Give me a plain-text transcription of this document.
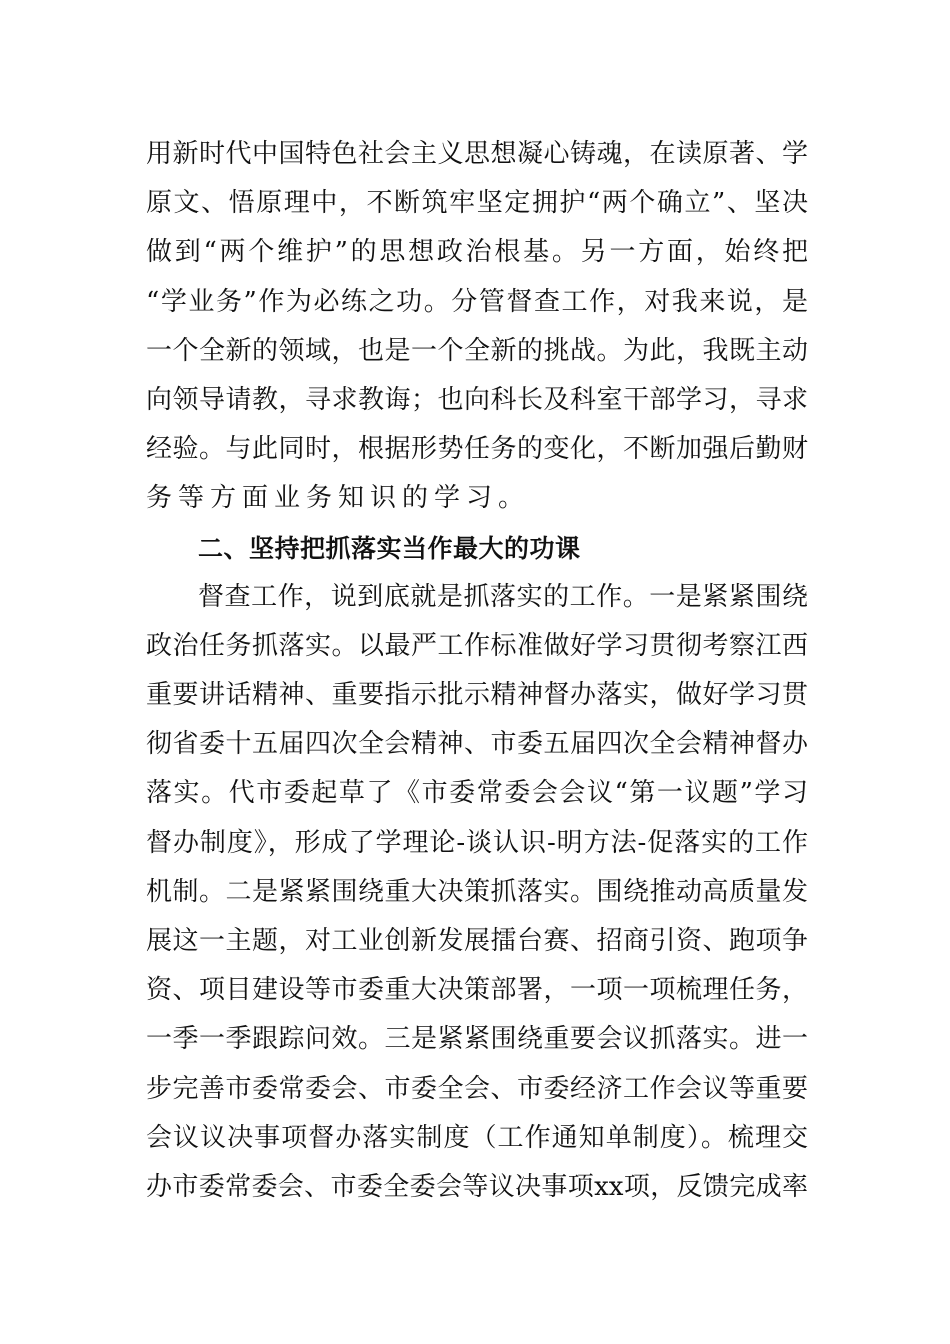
用新时代中国特色社会主义思想凝心铸魂，在读原著、学
原文、悟原理中，不断筑牢坚定拥护“两个确立”、坚决
做到“两个维护”的思想政治根基。另一方面，始终把
“学业务”作为必练之功。分管督查工作，对我来说，是
一个全新的领域，也是一个全新的挑战。为此，我既主动
向领导请教，寻求教诲；也向科长及科室干部学习，寻求
经验。与此同时，根据形势任务的变化，不断加强后勤财
务等方面业务知识的学习。
二、坚持把抓落实当作最大的功课
督查工作，说到底就是抓落实的工作。一是紧紧围绕
政治任务抓落实。以最严工作标准做好学习贯彻考察江西
重要讲话精神、重要指示批示精神督办落实，做好学习贯
彻省委十五届四次全会精神、市委五届四次全会精神督办
落实。代市委起草了《市委常委会会议“第一议题”学习
督办制度》，形成了学理论-谈认识-明方法-促落实的工作
机制。二是紧紧围绕重大决策抓落实。围绕推动高质量发
展这一主题，对工业创新发展擂台赛、招商引资、跑项争
资、项目建设等市委重大决策部署，一项一项梳理任务，
一季一季跟踪问效。三是紧紧围绕重要会议抓落实。进一
步完善市委常委会、市委全会、市委经济工作会议等重要
会议议决事项督办落实制度（工作通知单制度）。梳理交
办市委常委会、市委全委会等议决事项xx项，反馈完成率
